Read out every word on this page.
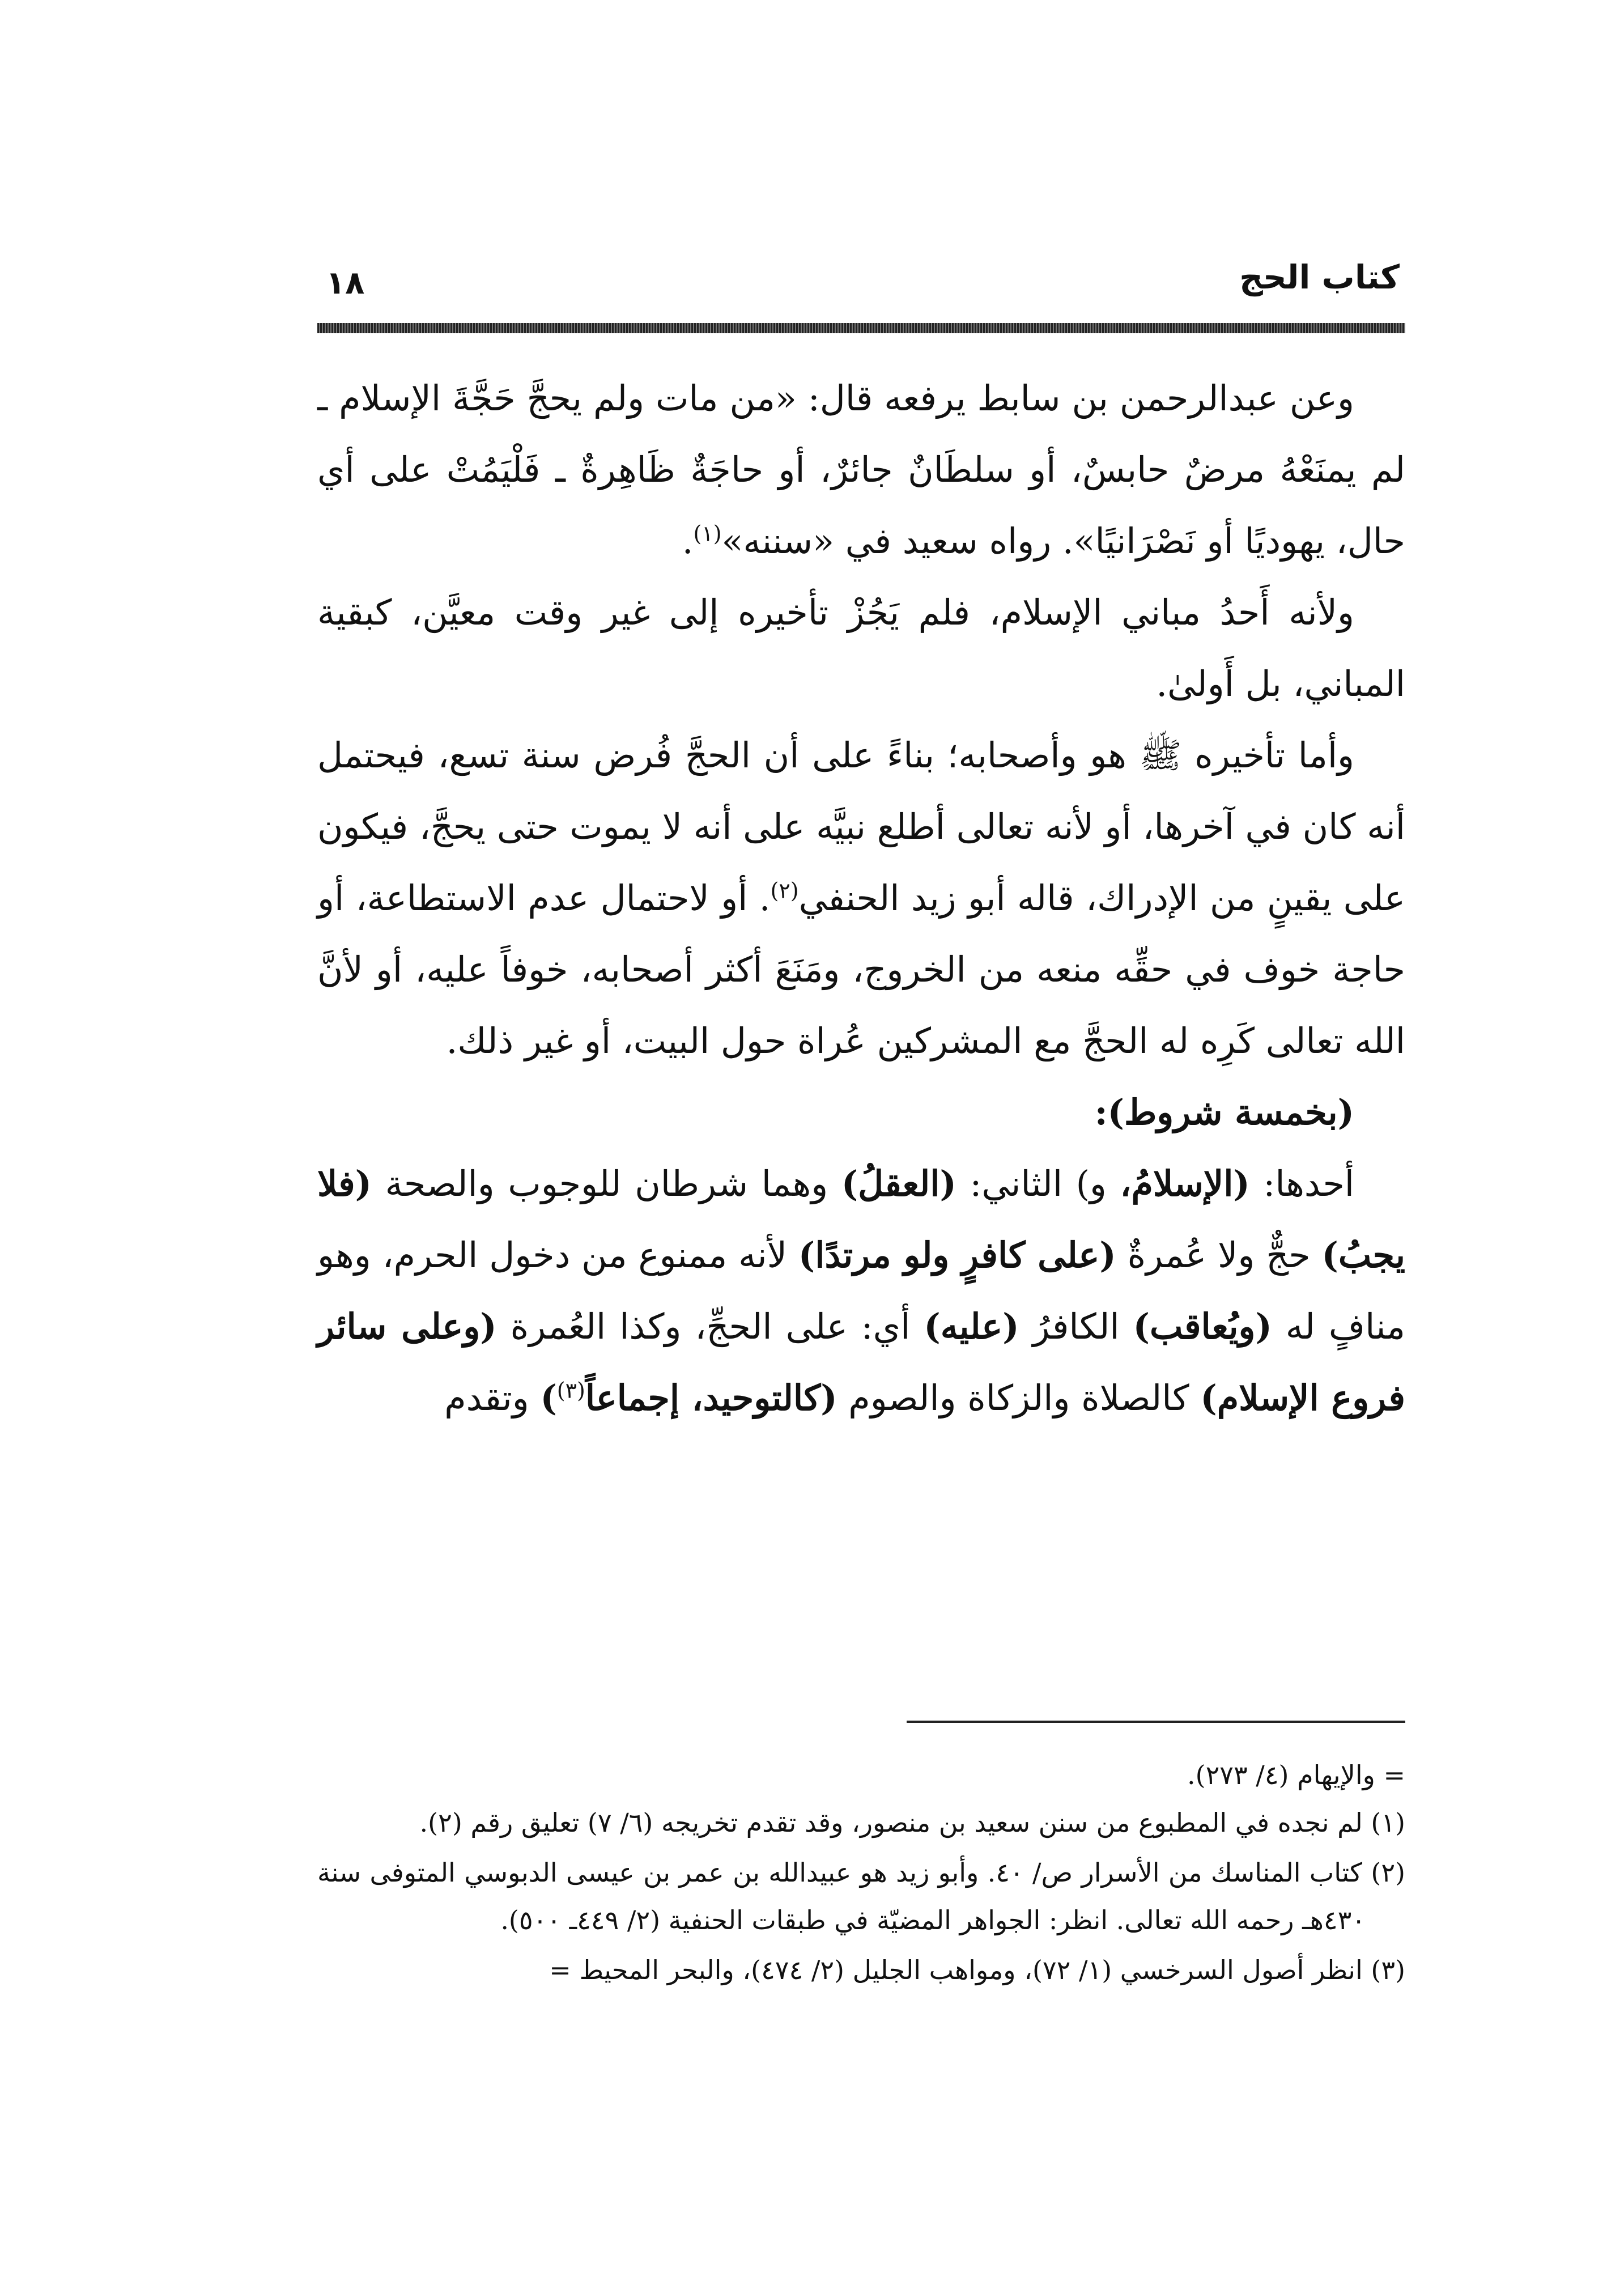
كتاب الحج
١٨

وعن عبدالرحمن بن سابط يرفعه قال: «من مات ولم يحجَّ حَجَّةَ الإسلام ـ لم يمنَعْهُ مرضٌ حابسٌ، أو سلطَانٌ جائرٌ، أو حاجَةٌ ظَاهِرةٌ ـ فَلْيَمُتْ على أي حال، يهوديًا أو نَصْرَانيًا». رواه سعيد في «سننه»$^{(١)}$.

ولأنه أَحدُ مباني الإسلام، فلم يَجُزْ تأخيره إلى غير وقت معيَّن، كبقية المباني، بل أَولىٰ.

وأما تأخيره ﷺ هو وأصحابه؛ بناءً على أن الحجَّ فُرض سنة تسع، فيحتمل أنه كان في آخرها، أو لأنه تعالى أطلع نبيَّه على أنه لا يموت حتى يحجَّ، فيكون على يقينٍ من الإدراك، قاله أبو زيد الحنفي$^{(٢)}$. أو لاحتمال عدم الاستطاعة، أو حاجة خوف في حقِّه منعه من الخروج، ومَنَعَ أكثر أصحابه، خوفاً عليه، أو لأنَّ الله تعالى كَرِه له الحجَّ مع المشركين عُراة حول البيت، أو غير ذلك.

(بخمسة شروط):

أحدها: (الإسلامُ، و) الثاني: (العقلُ) وهما شرطان للوجوب والصحة (فلا يجبُ) حجٌّ ولا عُمرةٌ (على كافرٍ ولو مرتدًا) لأنه ممنوع من دخول الحرم، وهو منافٍ له (ويُعاقب) الكافرُ (عليه) أي: على الحجِّ، وكذا العُمرة (وعلى سائر فروع الإسلام) كالصلاة والزكاة والصوم (كالتوحيد، إجماعاً$^{(٣)}$) وتقدم

= والإيهام (٤/ ٢٧٣).

(١) لم نجده في المطبوع من سنن سعيد بن منصور، وقد تقدم تخريجه (٦/ ٧) تعليق رقم (٢).

(٢) كتاب المناسك من الأسرار ص/ ٤٠. وأبو زيد هو عبيدالله بن عمر بن عيسى الدبوسي المتوفى سنة ٤٣٠هـ رحمه الله تعالى. انظر: الجواهر المضيّة في طبقات الحنفية (٢/ ٤٤٩ـ ٥٠٠).

(٣) انظر أصول السرخسي (١/ ٧٢)، ومواهب الجليل (٢/ ٤٧٤)، والبحر المحيط =
